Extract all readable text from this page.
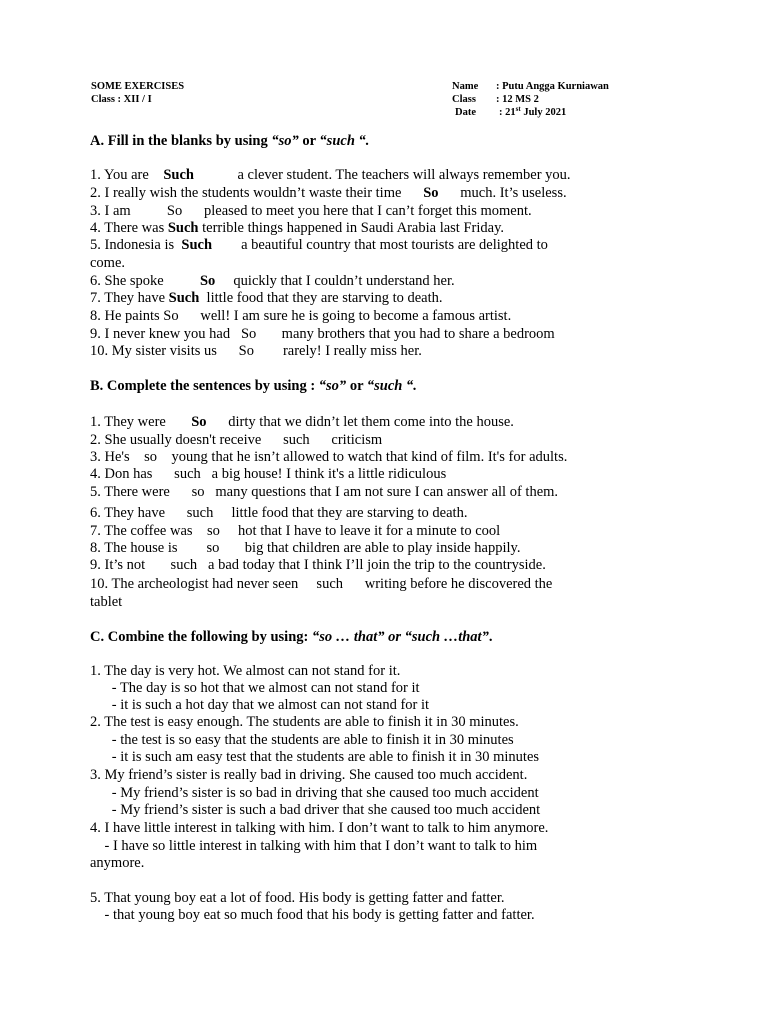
SOME EXERCISES
Class : XII / I
Name : Putu Angga Kurniawan
Class : 12 MS 2
Date : 21st July 2021
A. Fill in the blanks by using “so” or “such “.
1. You are    Such            a clever student. The teachers will always remember you.
2. I really wish the students wouldn’t waste their time      So      much. It’s useless.
3. I am          So      pleased to meet you here that I can’t forget this moment.
4. There was Such terrible things happened in Saudi Arabia last Friday.
5. Indonesia is  Such        a beautiful country that most tourists are delighted to
come.
6. She spoke          So     quickly that I couldn’t understand her.
7. They have Such  little food that they are starving to death.
8. He paints So      well! I am sure he is going to become a famous artist.
9. I never knew you had   So       many brothers that you had to share a bedroom
10. My sister visits us      So        rarely! I really miss her.
B. Complete the sentences by using : “so” or “such “.
1. They were       So      dirty that we didn’t let them come into the house.
2. She usually doesn't receive      such      criticism
3. He's    so    young that he isn’t allowed to watch that kind of film. It's for adults.
4. Don has      such   a big house! I think it's a little ridiculous
5. There were      so   many questions that I am not sure I can answer all of them.
6. They have      such     little food that they are starving to death.
7. The coffee was    so     hot that I have to leave it for a minute to cool
8. The house is        so       big that children are able to play inside happily.
9. It’s not       such   a bad today that I think I’ll join the trip to the countryside.
10. The archeologist had never seen     such      writing before he discovered the
tablet
C. Combine the following by using: “so … that” or “such …that”.
1. The day is very hot. We almost can not stand for it.
- The day is so hot that we almost can not stand for it
- it is such a hot day that we almost can not stand for it
2. The test is easy enough. The students are able to finish it in 30 minutes.
- the test is so easy that the students are able to finish it in 30 minutes
- it is such am easy test that the students are able to finish it in 30 minutes
3. My friend’s sister is really bad in driving. She caused too much accident.
- My friend’s sister is so bad in driving that she caused too much accident
- My friend’s sister is such a bad driver that she caused too much accident
4. I have little interest in talking with him. I don’t want to talk to him anymore.
- I have so little interest in talking with him that I don’t want to talk to him
anymore.
5. That young boy eat a lot of food. His body is getting fatter and fatter.
- that young boy eat so much food that his body is getting fatter and fatter.
